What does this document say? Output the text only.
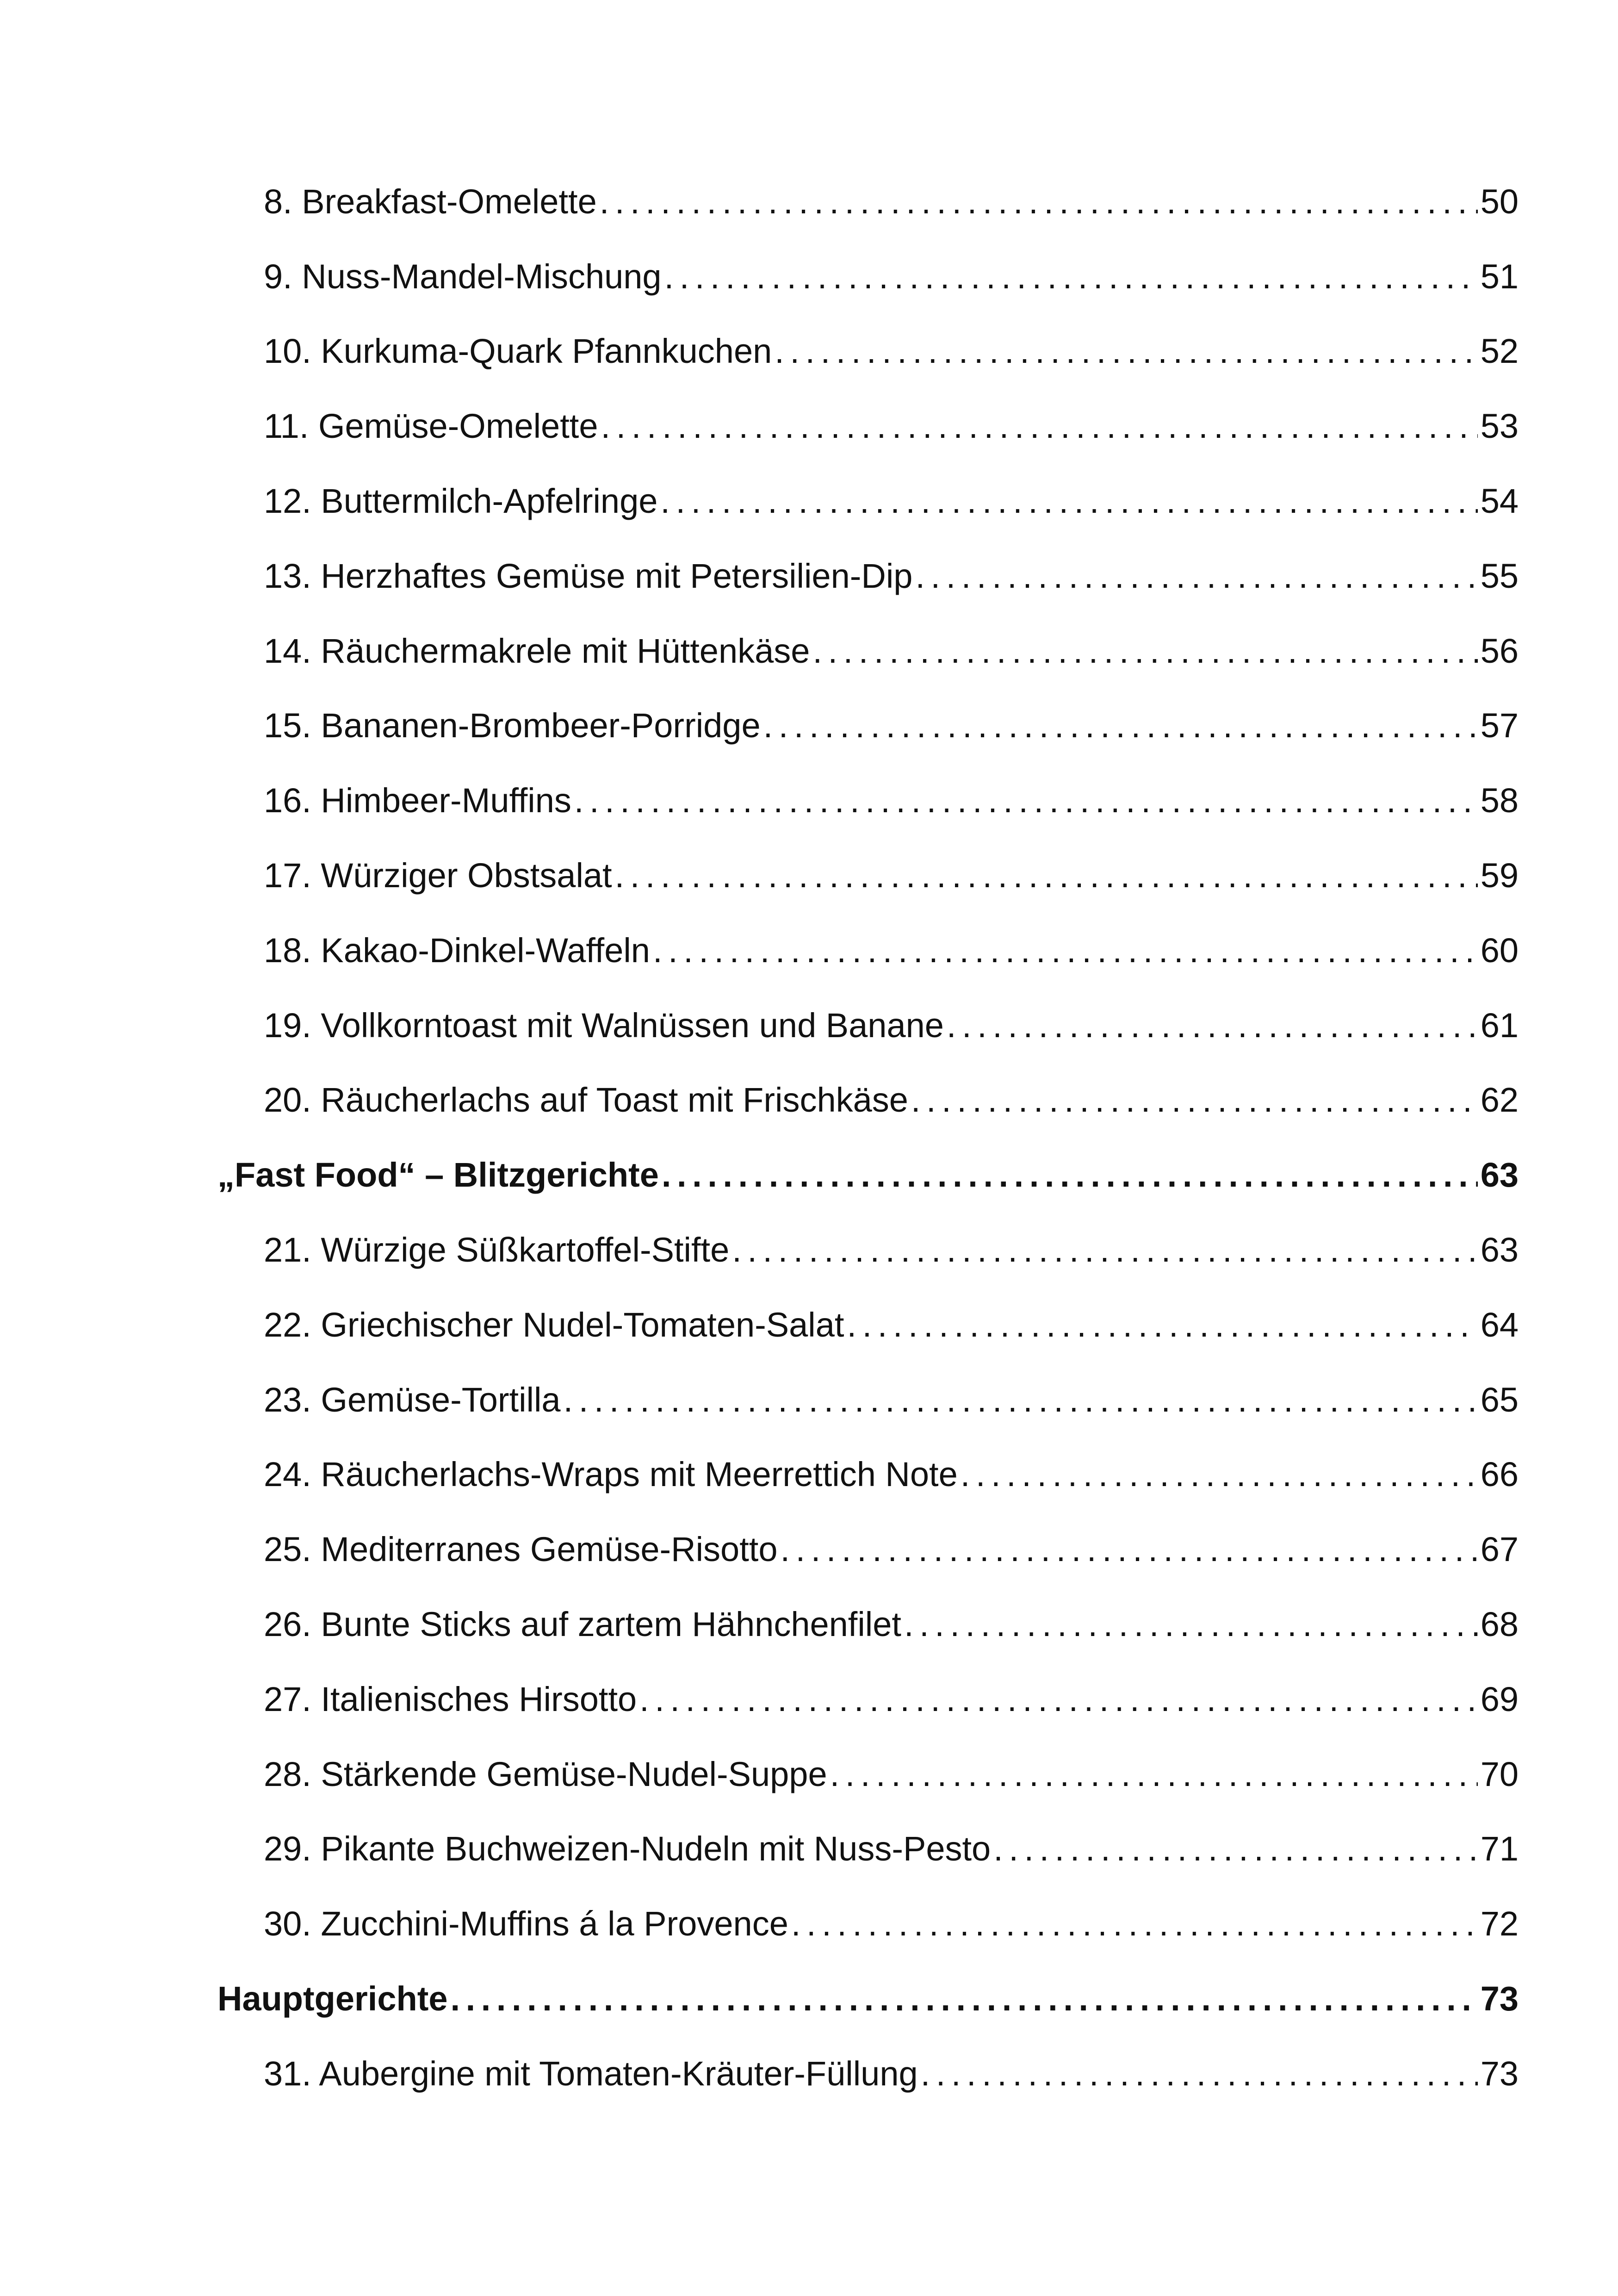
8. Breakfast-Omelette . . .	50
9. Nuss-Mandel-Mischung . . .	51
10. Kurkuma-Quark Pfannkuchen . . .	52
11. Gemüse-Omelette . . .	53
12. Buttermilch-Apfelringe . . .	54
13. Herzhaftes Gemüse mit Petersilien-Dip . . .	55
14. Räuchermakrele mit Hüttenkäse . . .	56
15. Bananen-Brombeer-Porridge . . .	57
16. Himbeer-Muffins . . .	58
17. Würziger Obstsalat . . .	59
18. Kakao-Dinkel-Waffeln . . .	60
19. Vollkorntoast mit Walnüssen und Banane . . .	61
20. Räucherlachs auf Toast mit Frischkäse . . .	62
„Fast Food“ – Blitzgerichte . . .	63
21. Würzige Süßkartoffel-Stifte . . .	63
22. Griechischer Nudel-Tomaten-Salat . . .	64
23. Gemüse-Tortilla . . .	65
24. Räucherlachs-Wraps mit Meerrettich Note . . .	66
25. Mediterranes Gemüse-Risotto . . .	67
26. Bunte Sticks auf zartem Hähnchenfilet . . .	68
27. Italienisches Hirsotto . . .	69
28. Stärkende Gemüse-Nudel-Suppe . . .	70
29. Pikante Buchweizen-Nudeln mit Nuss-Pesto . . .	71
30. Zucchini-Muffins á la Provence . . .	72
Hauptgerichte . . .	73
31. Aubergine mit Tomaten-Kräuter-Füllung . . .	73
